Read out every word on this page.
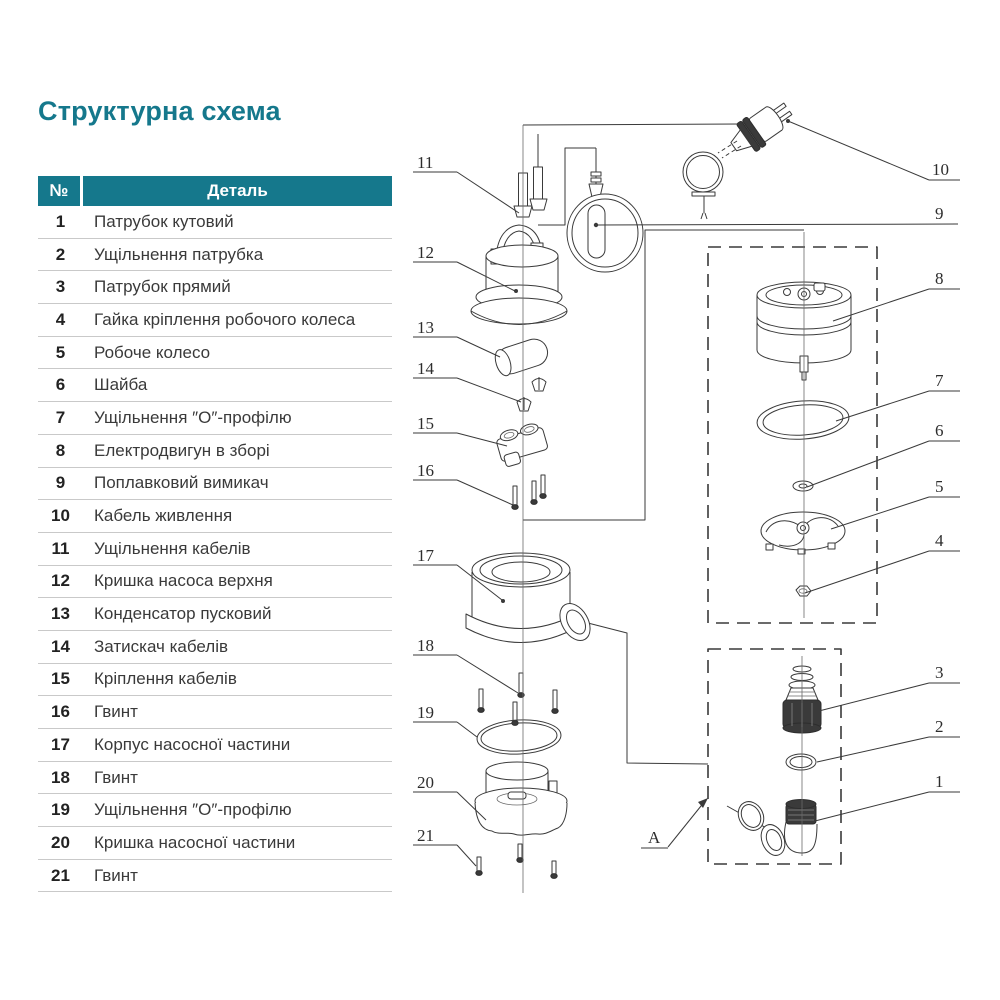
Структурна схема
№	Деталь
1	Патрубок кутовий
2	Ущільнення патрубка
3	Патрубок прямий
4	Гайка кріплення робочого колеса
5	Робоче колесо
6	Шайба
7	Ущільнення ″О″-профілю
8	Електродвигун в зборі
9	Поплавковий вимикач
10	Кабель живлення
11	Ущільнення кабелів
12	Кришка насоса верхня
13	Конденсатор пусковий
14	Затискач кабелів
15	Кріплення кабелів
16	Гвинт
17	Корпус насосної частини
18	Гвинт
19	Ущільнення ″О″-профілю
20	Кришка насосної частини
21	Гвинт
11
12
13
14
15
16
17
18
19
20
21
10
9
8
7
6
5
4
3
2
1
A
